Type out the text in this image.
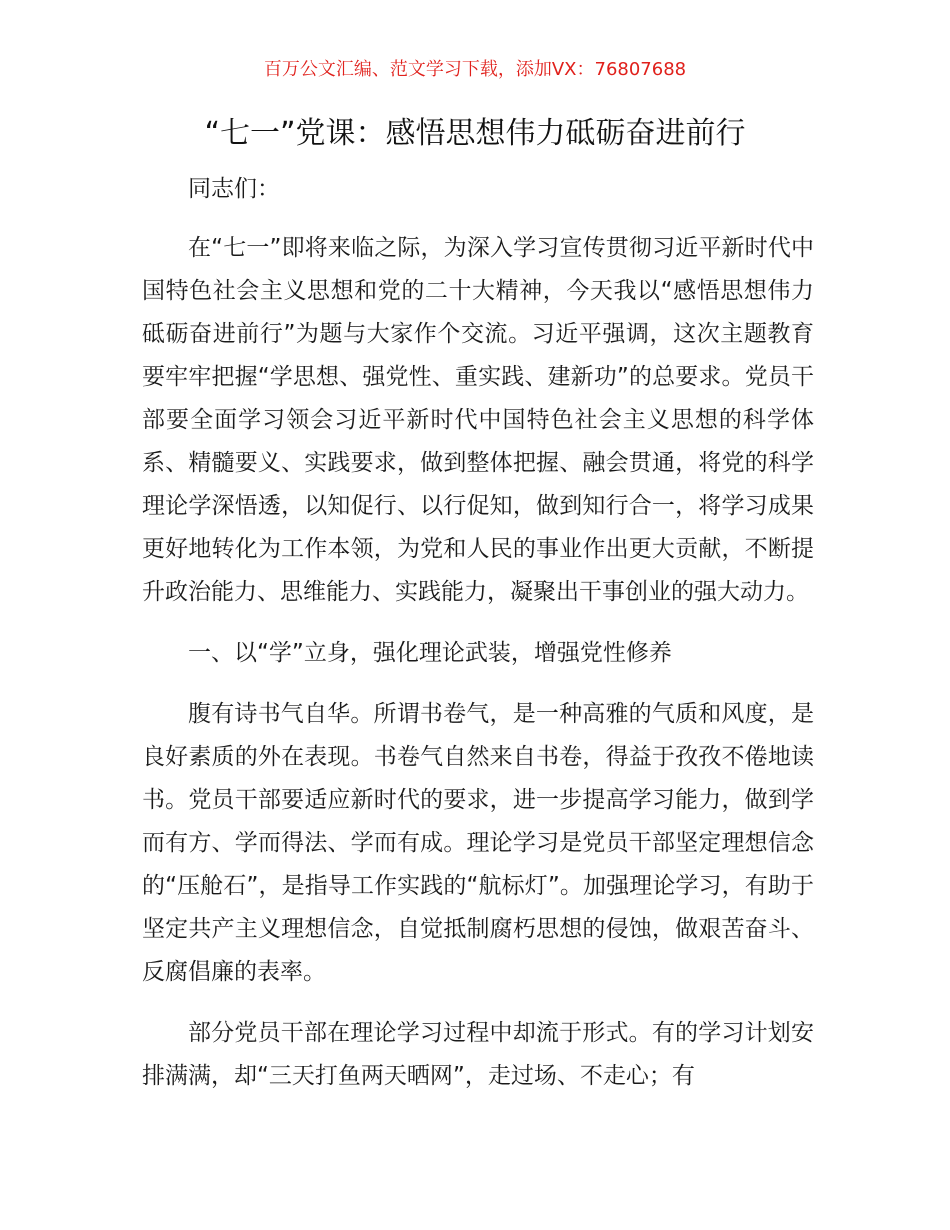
百万公文汇编、范文学习下载，添加VX：76807688
“七一”党课：感悟思想伟力砥砺奋进前行

同志们：

在“七一”即将来临之际，为深入学习宣传贯彻习近平新时代中国特色社会主义思想和党的二十大精神，今天我以“感悟思想伟力砥砺奋进前行”为题与大家作个交流。习近平强调，这次主题教育要牢牢把握“学思想、强党性、重实践、建新功”的总要求。党员干部要全面学习领会习近平新时代中国特色社会主义思想的科学体系、精髓要义、实践要求，做到整体把握、融会贯通，将党的科学理论学深悟透，以知促行、以行促知，做到知行合一，将学习成果更好地转化为工作本领，为党和人民的事业作出更大贡献，不断提升政治能力、思维能力、实践能力，凝聚出干事创业的强大动力。

一、以“学”立身，强化理论武装，增强党性修养

腹有诗书气自华。所谓书卷气，是一种高雅的气质和风度，是良好素质的外在表现。书卷气自然来自书卷，得益于孜孜不倦地读书。党员干部要适应新时代的要求，进一步提高学习能力，做到学而有方、学而得法、学而有成。理论学习是党员干部坚定理想信念的“压舱石”，是指导工作实践的“航标灯”。加强理论学习，有助于坚定共产主义理想信念，自觉抵制腐朽思想的侵蚀，做艰苦奋斗、反腐倡廉的表率。

部分党员干部在理论学习过程中却流于形式。有的学习计划安排满满，却“三天打鱼两天晒网”，走过场、不走心；有
